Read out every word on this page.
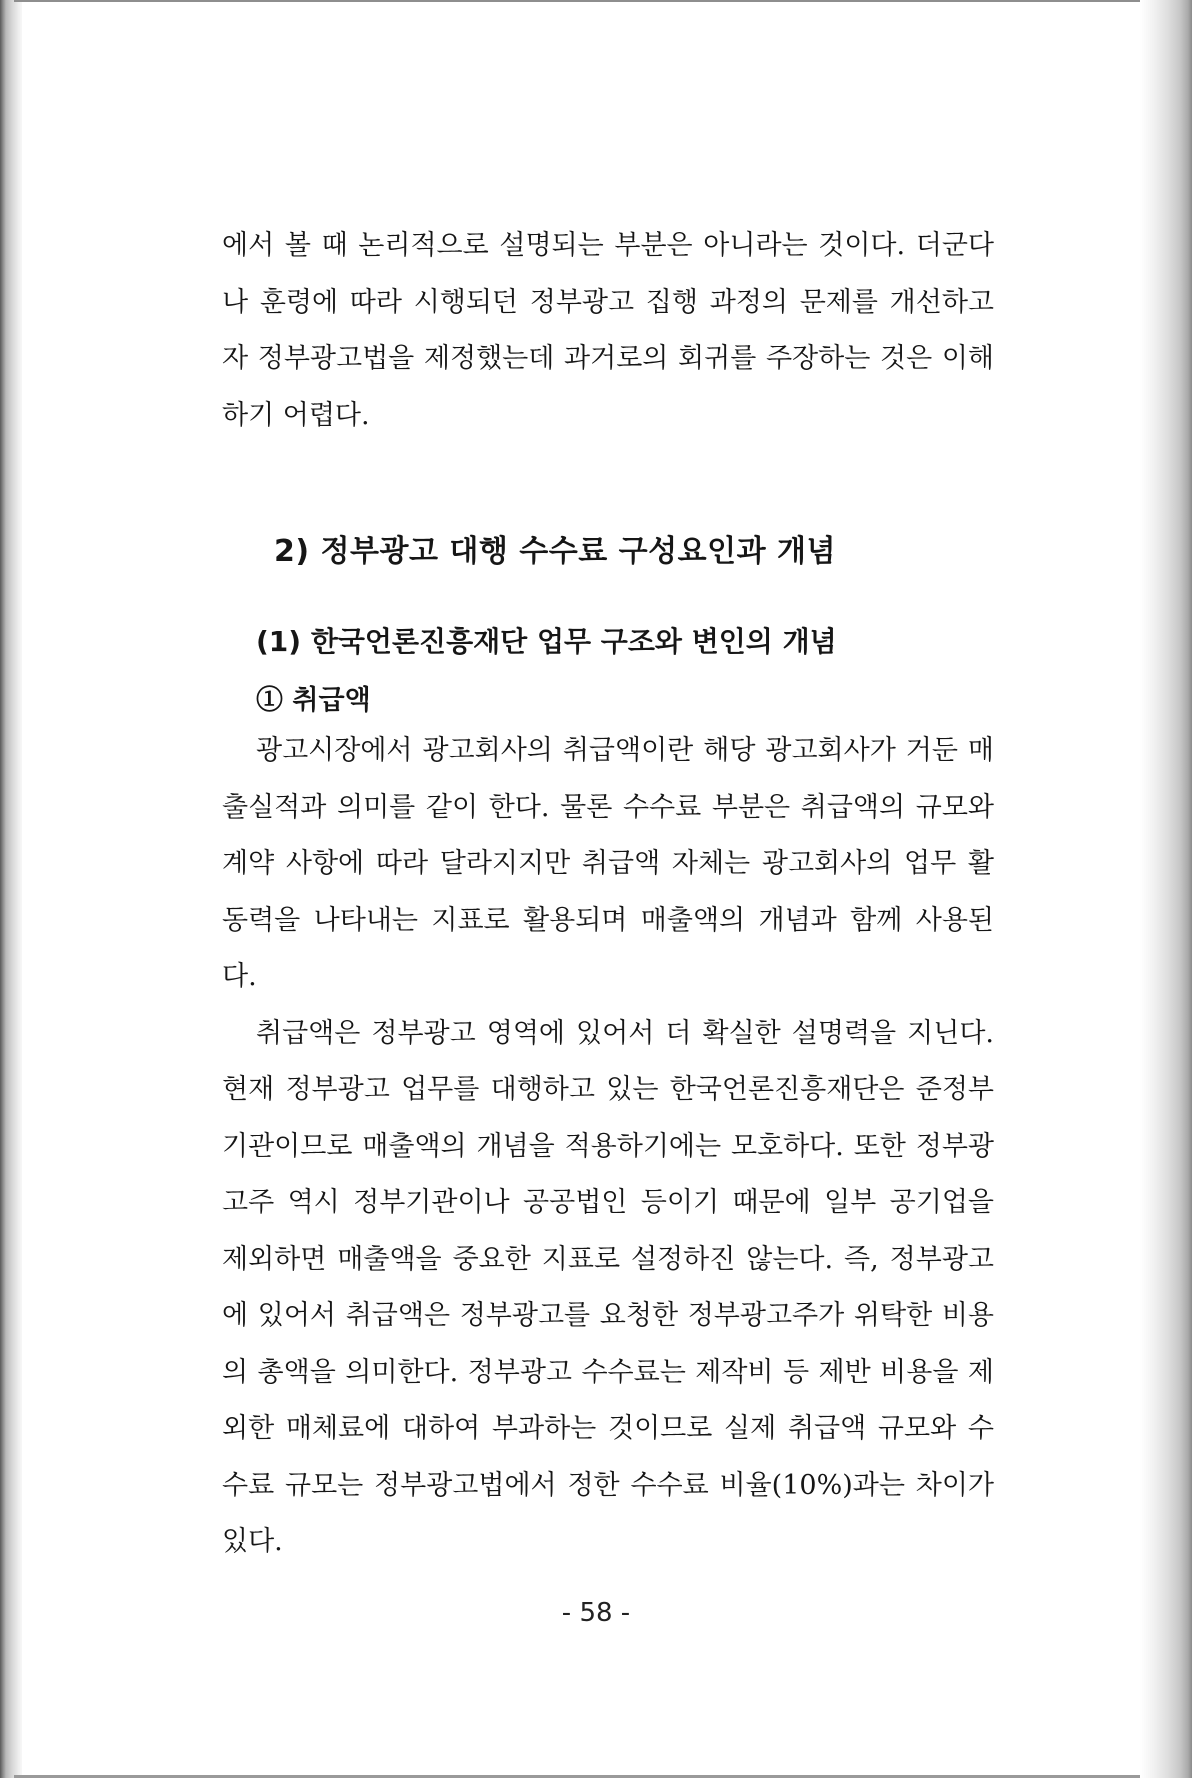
에서 볼 때 논리적으로 설명되는 부분은 아니라는 것이다. 더군다나 훈령에 따라 시행되던 정부광고 집행 과정의 문제를 개선하고자 정부광고법을 제정했는데 과거로의 회귀를 주장하는 것은 이해하기 어렵다.

2) 정부광고 대행 수수료 구성요인과 개념
(1) 한국언론진흥재단 업무 구조와 변인의 개념
① 취급액

광고시장에서 광고회사의 취급액이란 해당 광고회사가 거둔 매출실적과 의미를 같이 한다. 물론 수수료 부분은 취급액의 규모와 계약 사항에 따라 달라지지만 취급액 자체는 광고회사의 업무 활동력을 나타내는 지표로 활용되며 매출액의 개념과 함께 사용된다.

취급액은 정부광고 영역에 있어서 더 확실한 설명력을 지닌다. 현재 정부광고 업무를 대행하고 있는 한국언론진흥재단은 준정부기관이므로 매출액의 개념을 적용하기에는 모호하다. 또한 정부광고주 역시 정부기관이나 공공법인 등이기 때문에 일부 공기업을 제외하면 매출액을 중요한 지표로 설정하진 않는다. 즉, 정부광고에 있어서 취급액은 정부광고를 요청한 정부광고주가 위탁한 비용의 총액을 의미한다. 정부광고 수수료는 제작비 등 제반 비용을 제외한 매체료에 대하여 부과하는 것이므로 실제 취급액 규모와 수수료 규모는 정부광고법에서 정한 수수료 비율(10%)과는 차이가 있다.

- 58 -
